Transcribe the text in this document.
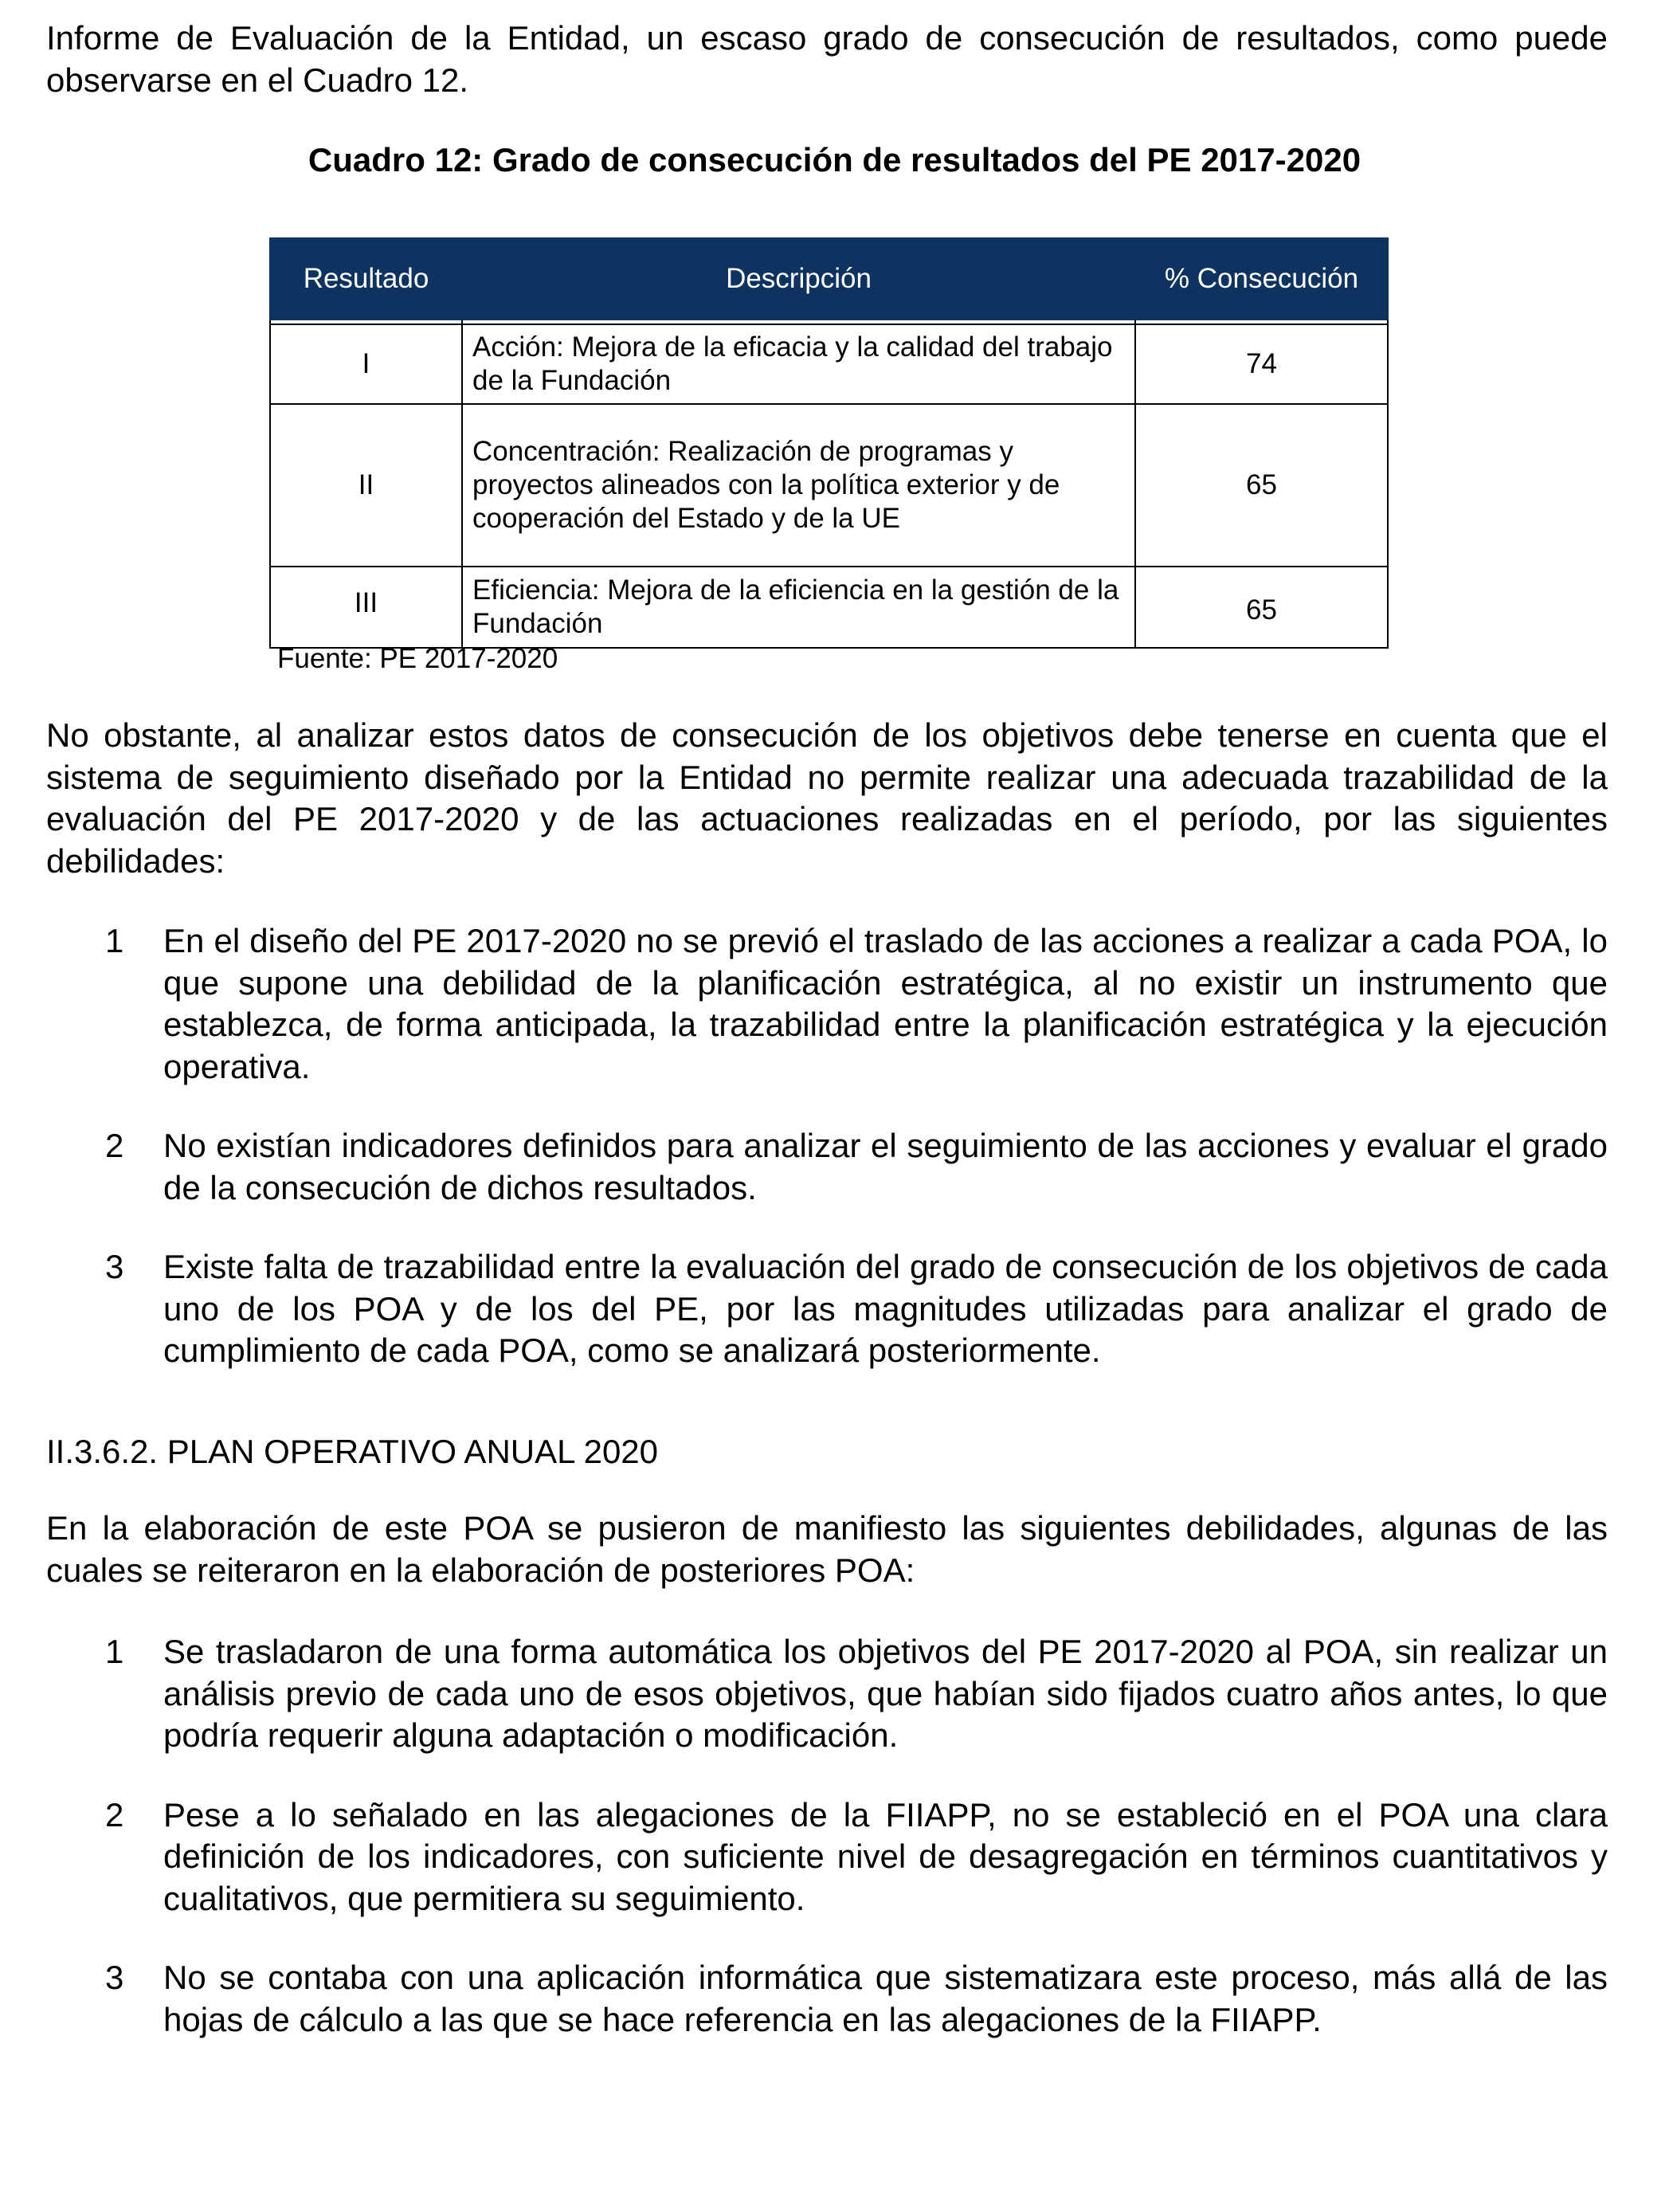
Informe de Evaluación de la Entidad, un escaso grado de consecución de resultados, como puede observarse en el Cuadro 12.

Cuadro 12: Grado de consecución de resultados del PE 2017-2020
Resultado	Descripción	% Consecución

I	Acción: Mejora de la eficacia y la calidad del trabajo de la Fundación	74
II	Concentración: Realización de programas y proyectos alineados con la política exterior y de cooperación del Estado y de la UE	65
III	Eficiencia: Mejora de la eficiencia en la gestión de la Fundación	65
Fuente: PE 2017-2020

No obstante, al analizar estos datos de consecución de los objetivos debe tenerse en cuenta que el sistema de seguimiento diseñado por la Entidad no permite realizar una adecuada trazabilidad de la evaluación del PE 2017-2020 y de las actuaciones realizadas en el período, por las siguientes debilidades:

1 En el diseño del PE 2017-2020 no se previó el traslado de las acciones a realizar a cada POA, lo que supone una debilidad de la planificación estratégica, al no existir un instrumento que establezca, de forma anticipada, la trazabilidad entre la planificación estratégica y la ejecución operativa.
2 No existían indicadores definidos para analizar el seguimiento de las acciones y evaluar el grado de la consecución de dichos resultados.
3 Existe falta de trazabilidad entre la evaluación del grado de consecución de los objetivos de cada uno de los POA y de los del PE, por las magnitudes utilizadas para analizar el grado de cumplimiento de cada POA, como se analizará posteriormente.
II.3.6.2. PLAN OPERATIVO ANUAL 2020

En la elaboración de este POA se pusieron de manifiesto las siguientes debilidades, algunas de las cuales se reiteraron en la elaboración de posteriores POA:

1 Se trasladaron de una forma automática los objetivos del PE 2017-2020 al POA, sin realizar un análisis previo de cada uno de esos objetivos, que habían sido fijados cuatro años antes, lo que podría requerir alguna adaptación o modificación.
2 Pese a lo señalado en las alegaciones de la FIIAPP, no se estableció en el POA una clara definición de los indicadores, con suficiente nivel de desagregación en términos cuantitativos y cualitativos, que permitiera su seguimiento.
3 No se contaba con una aplicación informática que sistematizara este proceso, más allá de las hojas de cálculo a las que se hace referencia en las alegaciones de la FIIAPP.
